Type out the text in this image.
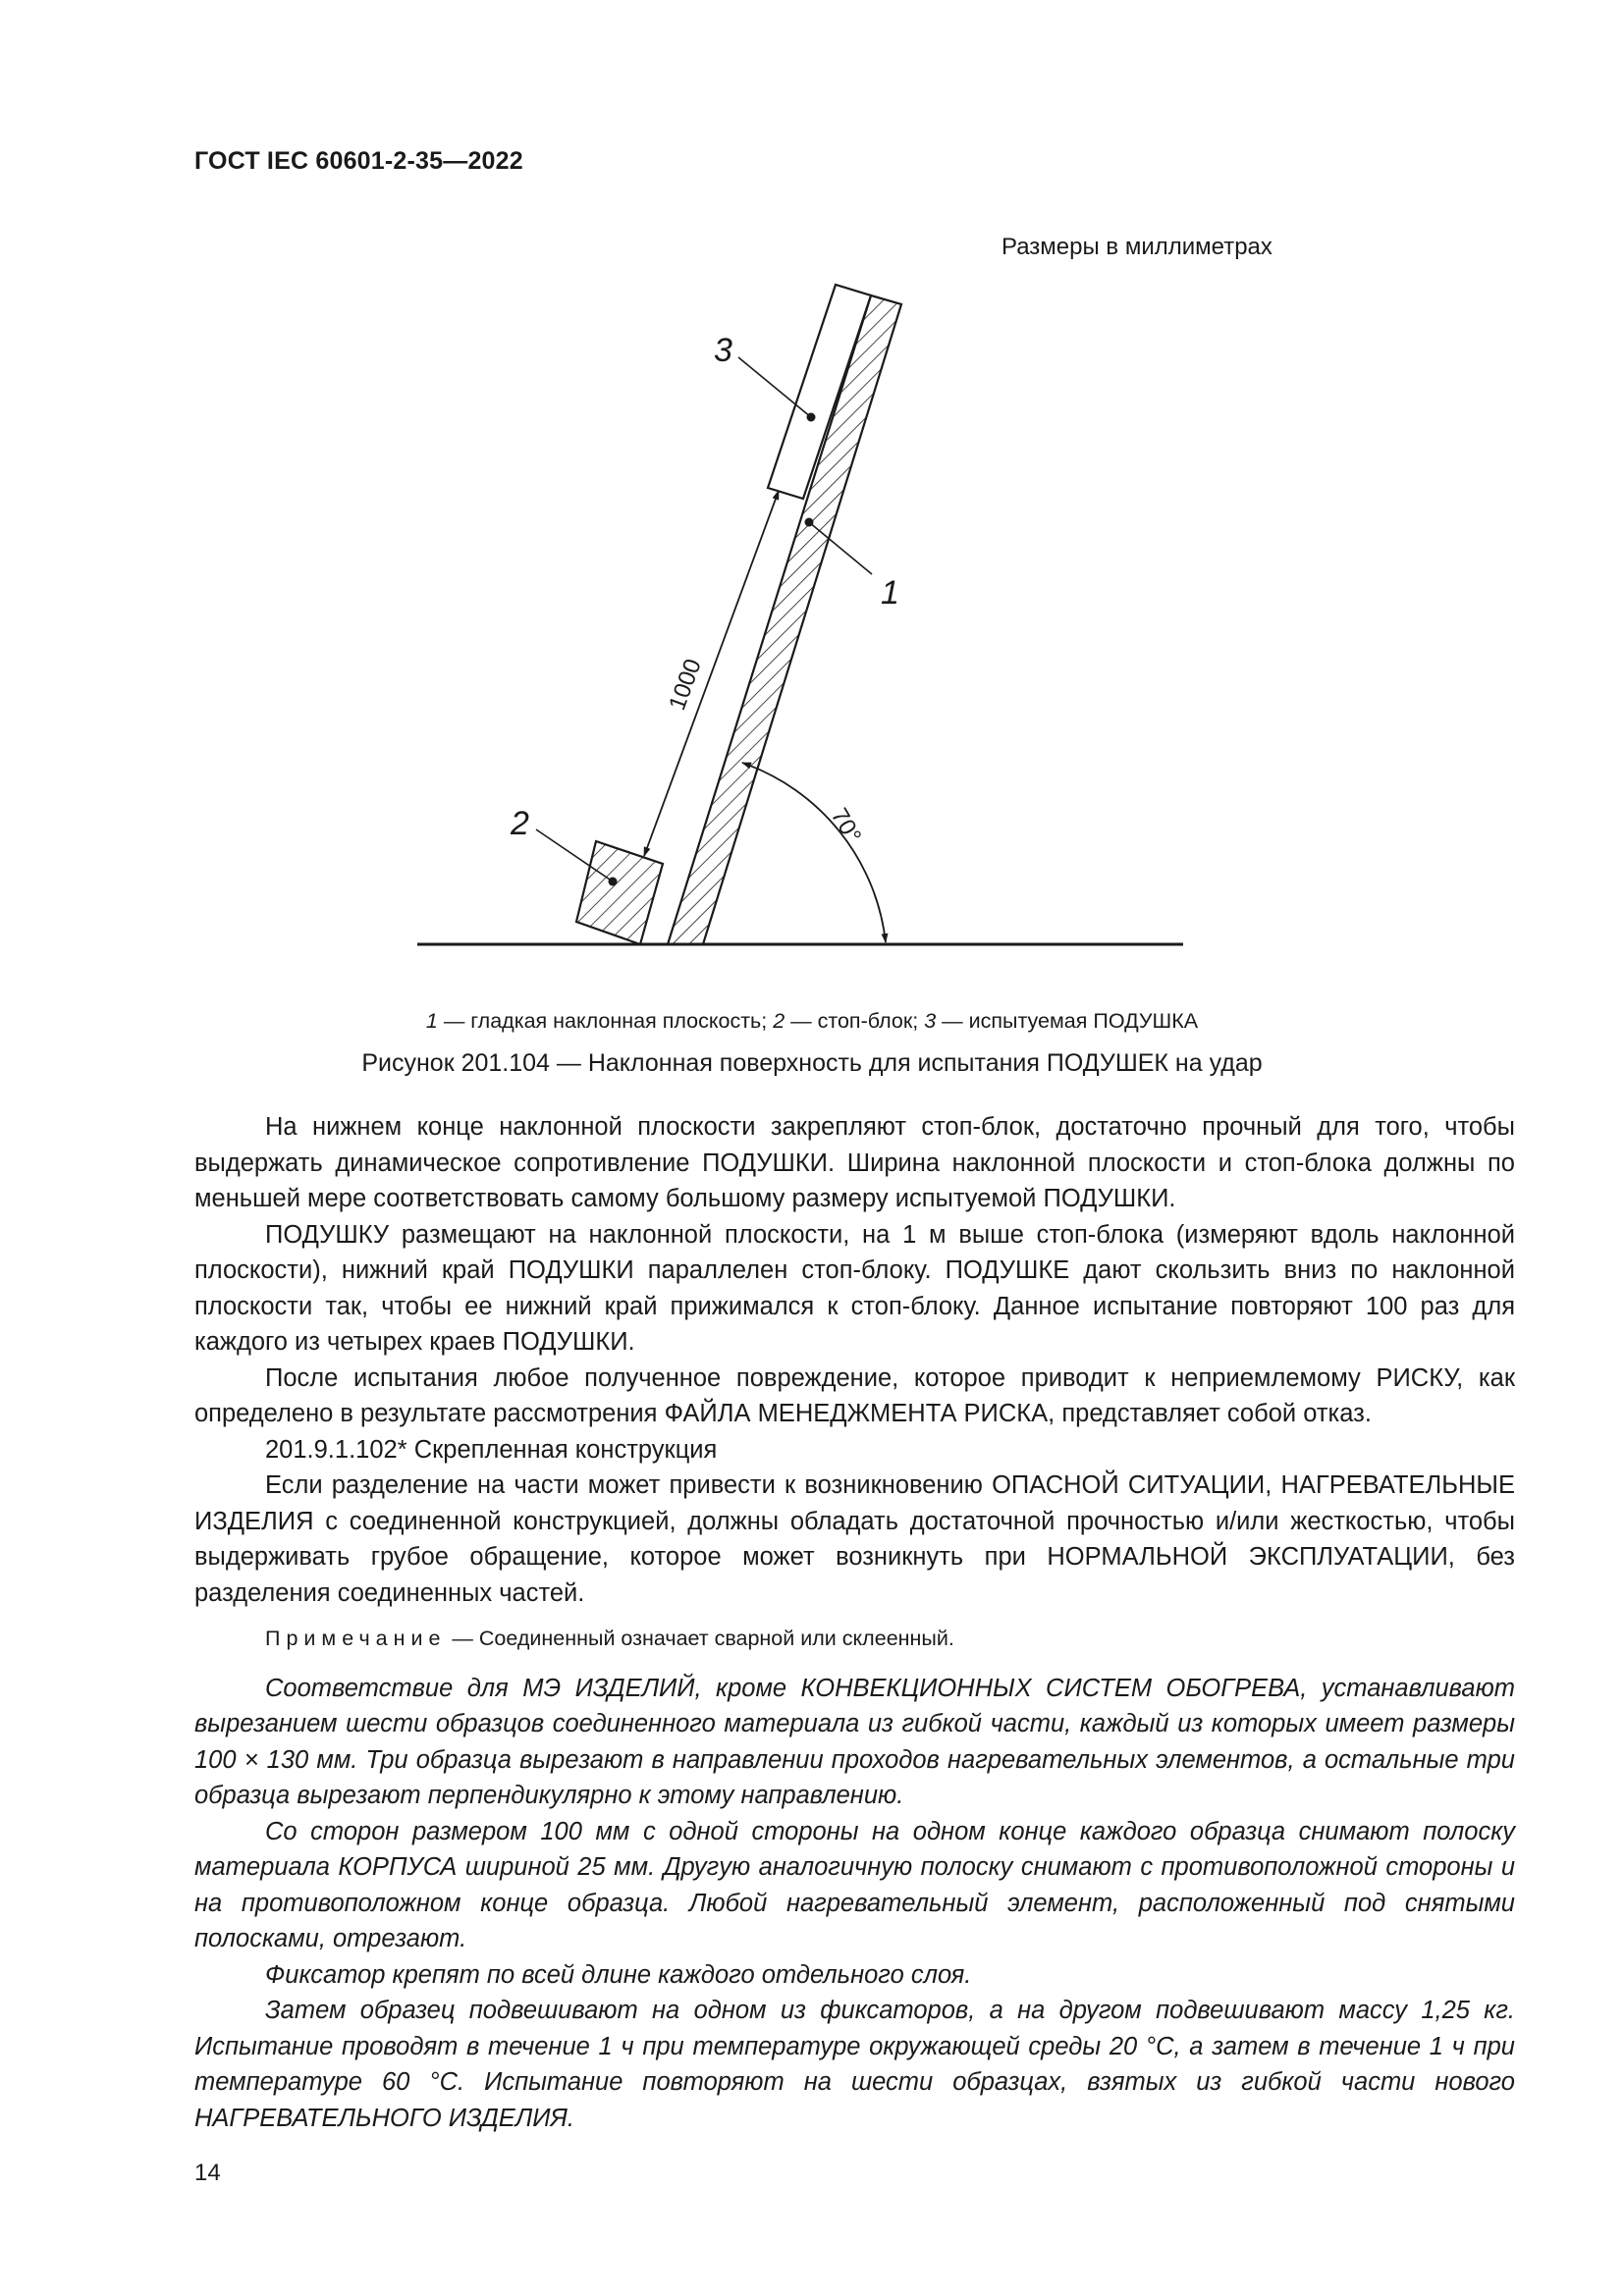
ГОСТ IEC 60601-2-35—2022
Размеры в миллиметрах
1000
70°
3
1
2
1 — гладкая наклонная плоскость; 2 — стоп-блок; 3 — испытуемая ПОДУШКА
Рисунок 201.104 — Наклонная поверхность для испытания ПОДУШЕК на удар

На нижнем конце наклонной плоскости закрепляют стоп-блок, достаточно прочный для того, чтобы выдержать динамическое сопротивление ПОДУШКИ. Ширина наклонной плоскости и стоп-блока должны по меньшей мере соответствовать самому большому размеру испытуемой ПОДУШКИ.

ПОДУШКУ размещают на наклонной плоскости, на 1 м выше стоп-блока (измеряют вдоль наклонной плоскости), нижний край ПОДУШКИ параллелен стоп-блоку. ПОДУШКЕ дают скользить вниз по наклонной плоскости так, чтобы ее нижний край прижимался к стоп-блоку. Данное испытание повторяют 100 раз для каждого из четырех краев ПОДУШКИ.

После испытания любое полученное повреждение, которое приводит к неприемлемому РИСКУ, как определено в результате рассмотрения ФАЙЛА МЕНЕДЖМЕНТА РИСКА, представляет собой отказ.

201.9.1.102* Скрепленная конструкция

Если разделение на части может привести к возникновению ОПАСНОЙ СИТУАЦИИ, НАГРЕВАТЕЛЬНЫЕ ИЗДЕЛИЯ с соединенной конструкцией, должны обладать достаточной прочностью и/или жесткостью, чтобы выдерживать грубое обращение, которое может возникнуть при НОРМАЛЬНОЙ ЭКСПЛУАТАЦИИ, без разделения соединенных частей.

Примечание — Соединенный означает сварной или склеенный.

Соответствие для МЭ ИЗДЕЛИЙ, кроме КОНВЕКЦИОННЫХ СИСТЕМ ОБОГРЕВА, устанавливают вырезанием шести образцов соединенного материала из гибкой части, каждый из которых имеет размеры 100 × 130 мм. Три образца вырезают в направлении проходов нагревательных элементов, а остальные три образца вырезают перпендикулярно к этому направлению.

Со сторон размером 100 мм с одной стороны на одном конце каждого образца снимают полоску материала КОРПУСА шириной 25 мм. Другую аналогичную полоску снимают с противоположной стороны и на противоположном конце образца. Любой нагревательный элемент, расположенный под снятыми полосками, отрезают.

Фиксатор крепят по всей длине каждого отдельного слоя.

Затем образец подвешивают на одном из фиксаторов, а на другом подвешивают массу 1,25 кг. Испытание проводят в течение 1 ч при температуре окружающей среды 20 °С, а затем в течение 1 ч при температуре 60 °С. Испытание повторяют на шести образцах, взятых из гибкой части нового НАГРЕВАТЕЛЬНОГО ИЗДЕЛИЯ.

14
